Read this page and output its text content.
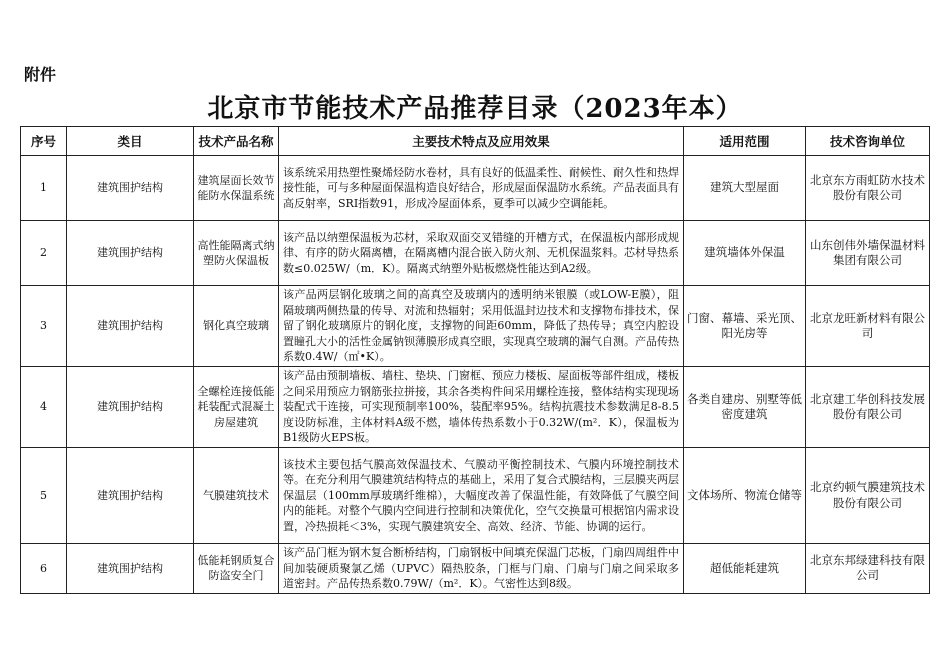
附件
北京市节能技术产品推荐目录（2023年本）
序号	类目	技术产品名称	主要技术特点及应用效果	适用范围	技术咨询单位
1	建筑围护结构	建筑屋面长效节能防水保温系统	该系统采用热塑性聚烯烃防水卷材，具有良好的低温柔性、耐候性、耐久性和热焊接性能，可与多种屋面保温构造良好结合，形成屋面保温防水系统。产品表面具有高反射率，SRI指数91，形成冷屋面体系，夏季可以减少空调能耗。	建筑大型屋面	北京东方雨虹防水技术股份有限公司
2	建筑围护结构	高性能隔离式纳塑防火保温板	该产品以纳塑保温板为芯材，采取双面交叉错缝的开槽方式，在保温板内部形成规律、有序的防火隔离槽，在隔离槽内混合嵌入防火剂、无机保温浆料。芯材导热系数≤0.025W/（m．K）。隔离式纳塑外贴板燃烧性能达到A2级。	建筑墙体外保温	山东创伟外墙保温材料集团有限公司
3	建筑围护结构	钢化真空玻璃	该产品两层钢化玻璃之间的高真空及玻璃内的透明纳米银膜（或LOW-E膜），阻隔玻璃两侧热量的传导、对流和热辐射；采用低温封边技术和支撑物布排技术，保留了钢化玻璃原片的钢化度，支撑物的间距60mm，降低了热传导；真空内腔设置瞳孔大小的活性金属钠钡薄膜形成真空眼，实现真空玻璃的漏气自测。产品传热系数0.4W/（㎡•K）。	门窗、幕墙、采光顶、阳光房等	北京龙旺新材料有限公司
4	建筑围护结构	全螺栓连接低能耗装配式混凝土房屋建筑	该产品由预制墙板、墙柱、垫块、门窗框、预应力楼板、屋面板等部件组成，楼板之间采用预应力钢筋张拉拼接，其余各类构件间采用螺栓连接，整体结构实现现场装配式干连接，可实现预制率100%，装配率95%。结构抗震技术参数满足8-8.5度设防标准，主体材料A级不燃，墙体传热系数小于0.32W/(m²．K），保温板为B1级防火EPS板。	各类自建房、别墅等低密度建筑	北京建工华创科技发展股份有限公司
5	建筑围护结构	气膜建筑技术	该技术主要包括气膜高效保温技术、气膜动平衡控制技术、气膜内环境控制技术等。在充分利用气膜建筑结构特点的基础上，采用了复合式膜结构，三层膜夹两层保温层（100mm厚玻璃纤维棉），大幅度改善了保温性能，有效降低了气膜空间内的能耗。对整个气膜内空间进行控制和决策优化，空气交换量可根据馆内需求设置，冷热损耗＜3%，实现气膜建筑安全、高效、经济、节能、协调的运行。	文体场所、物流仓储等	北京约顿气膜建筑技术股份有限公司
6	建筑围护结构	低能耗钢质复合防盗安全门	该产品门框为钢木复合断桥结构，门扇钢板中间填充保温门芯板，门扇四周组件中间加装硬质聚氯乙烯（UPVC）隔热胶条，门框与门扇、门扇与门扇之间采取多道密封。产品传热系数0.79W/（m²．K）。气密性达到8级。	超低能耗建筑	北京东邦绿建科技有限公司
